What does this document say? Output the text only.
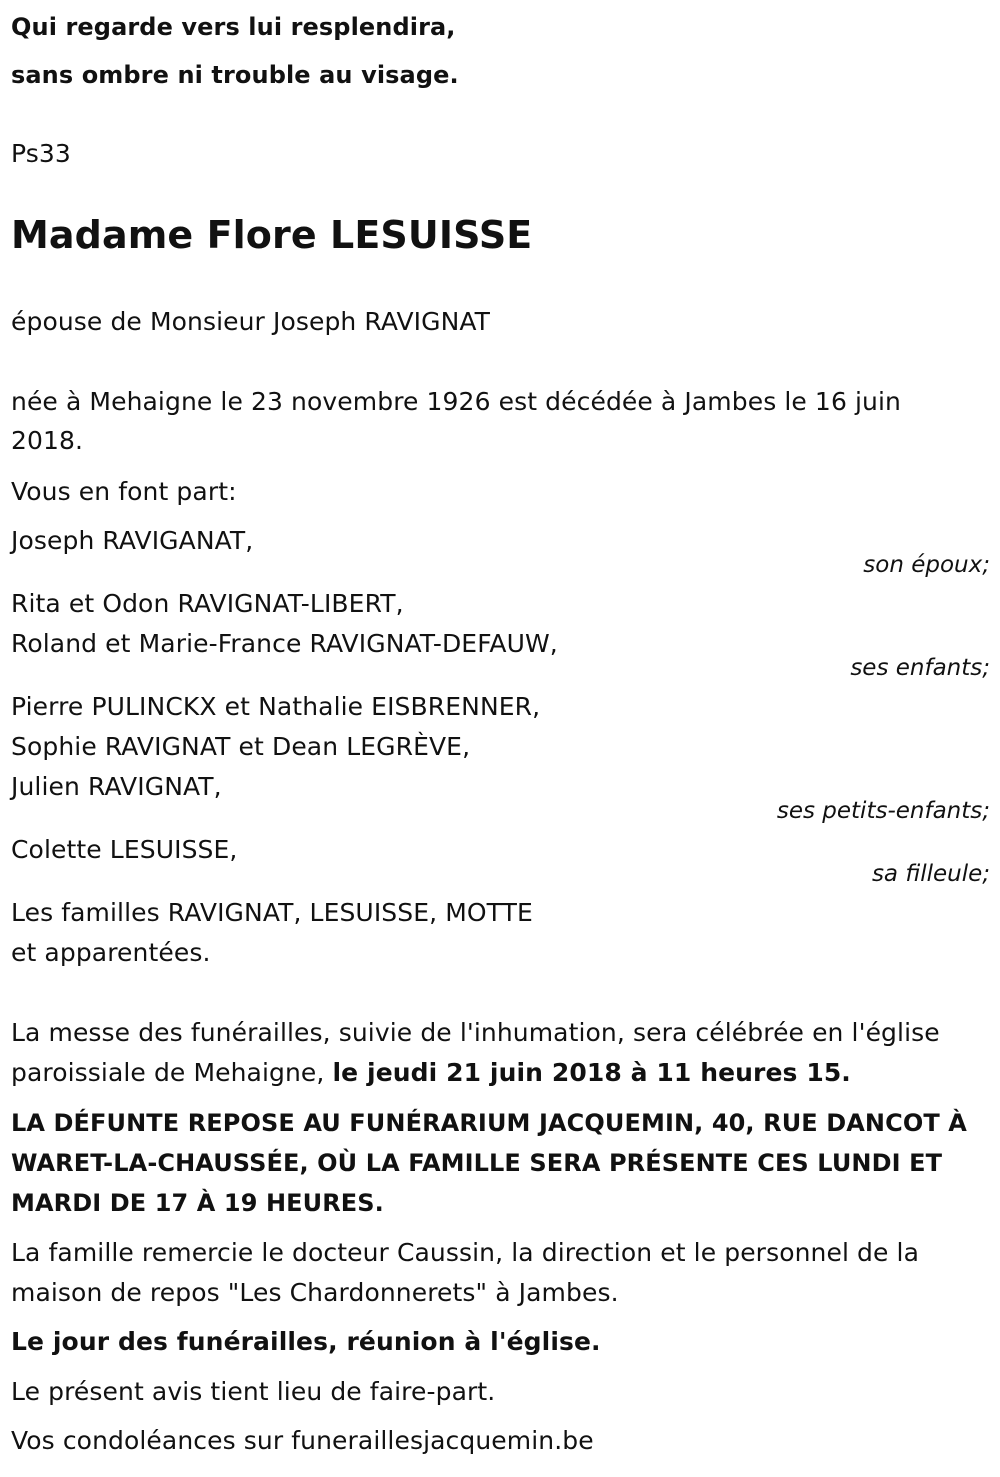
Qui regarde vers lui resplendira,
sans ombre ni trouble au visage.
Ps33
Madame Flore LESUISSE
épouse de Monsieur Joseph RAVIGNAT
née à Mehaigne le 23 novembre 1926 est décédée à Jambes le 16 juin
2018.
Vous en font part:
Joseph RAVIGANAT,
son époux;
Rita et Odon RAVIGNAT-LIBERT,
Roland et Marie-France RAVIGNAT-DEFAUW,
ses enfants;
Pierre PULINCKX et Nathalie EISBRENNER,
Sophie RAVIGNAT et Dean LEGRÈVE,
Julien RAVIGNAT,
ses petits-enfants;
Colette LESUISSE,
sa filleule;
Les familles RAVIGNAT, LESUISSE, MOTTE
et apparentées.
La messe des funérailles, suivie de l'inhumation, sera célébrée en l'église
paroissiale de Mehaigne, le jeudi 21 juin 2018 à 11 heures 15.
LA DÉFUNTE REPOSE AU FUNÉRARIUM JACQUEMIN, 40, RUE DANCOT À
WARET-LA-CHAUSSÉE, OÙ LA FAMILLE SERA PRÉSENTE CES LUNDI ET
MARDI DE 17 À 19 HEURES.
La famille remercie le docteur Caussin, la direction et le personnel de la
maison de repos "Les Chardonnerets" à Jambes.
Le jour des funérailles, réunion à l'église.
Le présent avis tient lieu de faire-part.
Vos condoléances sur funeraillesjacquemin.be
